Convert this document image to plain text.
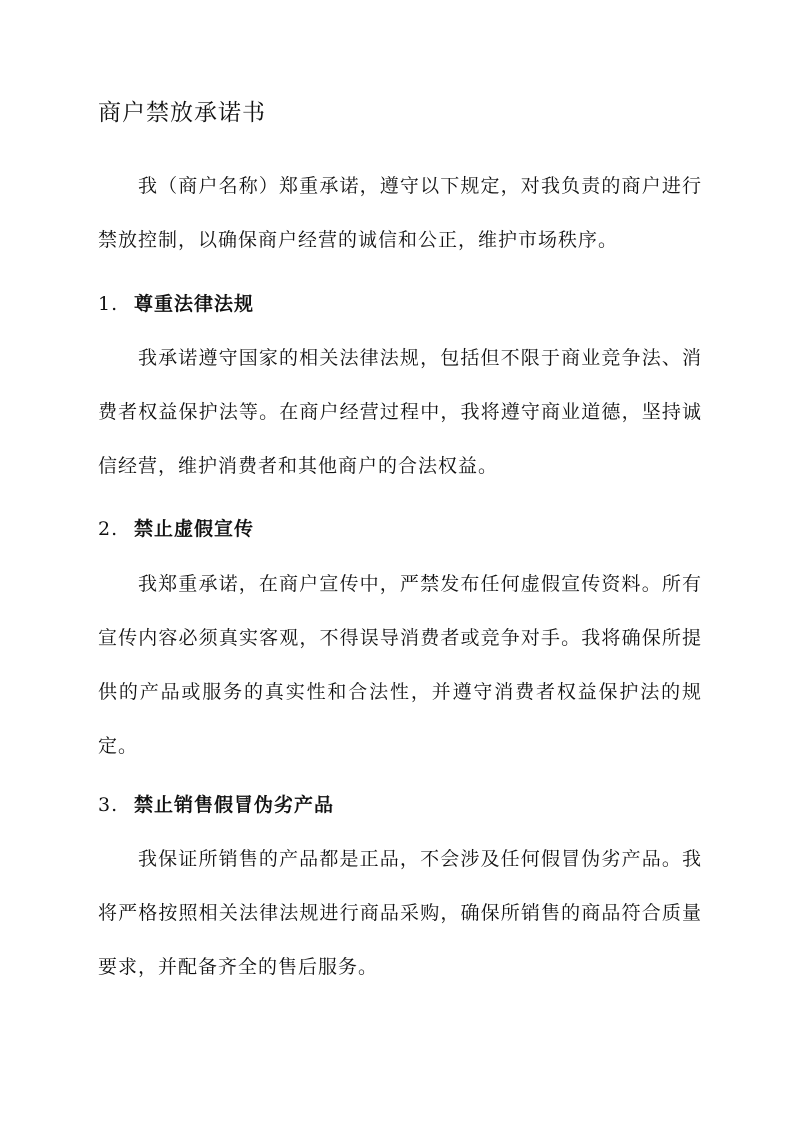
商户禁放承诺书

我（商户名称）郑重承诺，遵守以下规定，对我负责的商户进行禁放控制，以确保商户经营的诚信和公正，维护市场秩序。

1. 尊重法律法规

我承诺遵守国家的相关法律法规，包括但不限于商业竞争法、消费者权益保护法等。在商户经营过程中，我将遵守商业道德，坚持诚信经营，维护消费者和其他商户的合法权益。

2. 禁止虚假宣传

我郑重承诺，在商户宣传中，严禁发布任何虚假宣传资料。所有宣传内容必须真实客观，不得误导消费者或竞争对手。我将确保所提供的产品或服务的真实性和合法性，并遵守消费者权益保护法的规定。

3. 禁止销售假冒伪劣产品

我保证所销售的产品都是正品，不会涉及任何假冒伪劣产品。我将严格按照相关法律法规进行商品采购，确保所销售的商品符合质量要求，并配备齐全的售后服务。
